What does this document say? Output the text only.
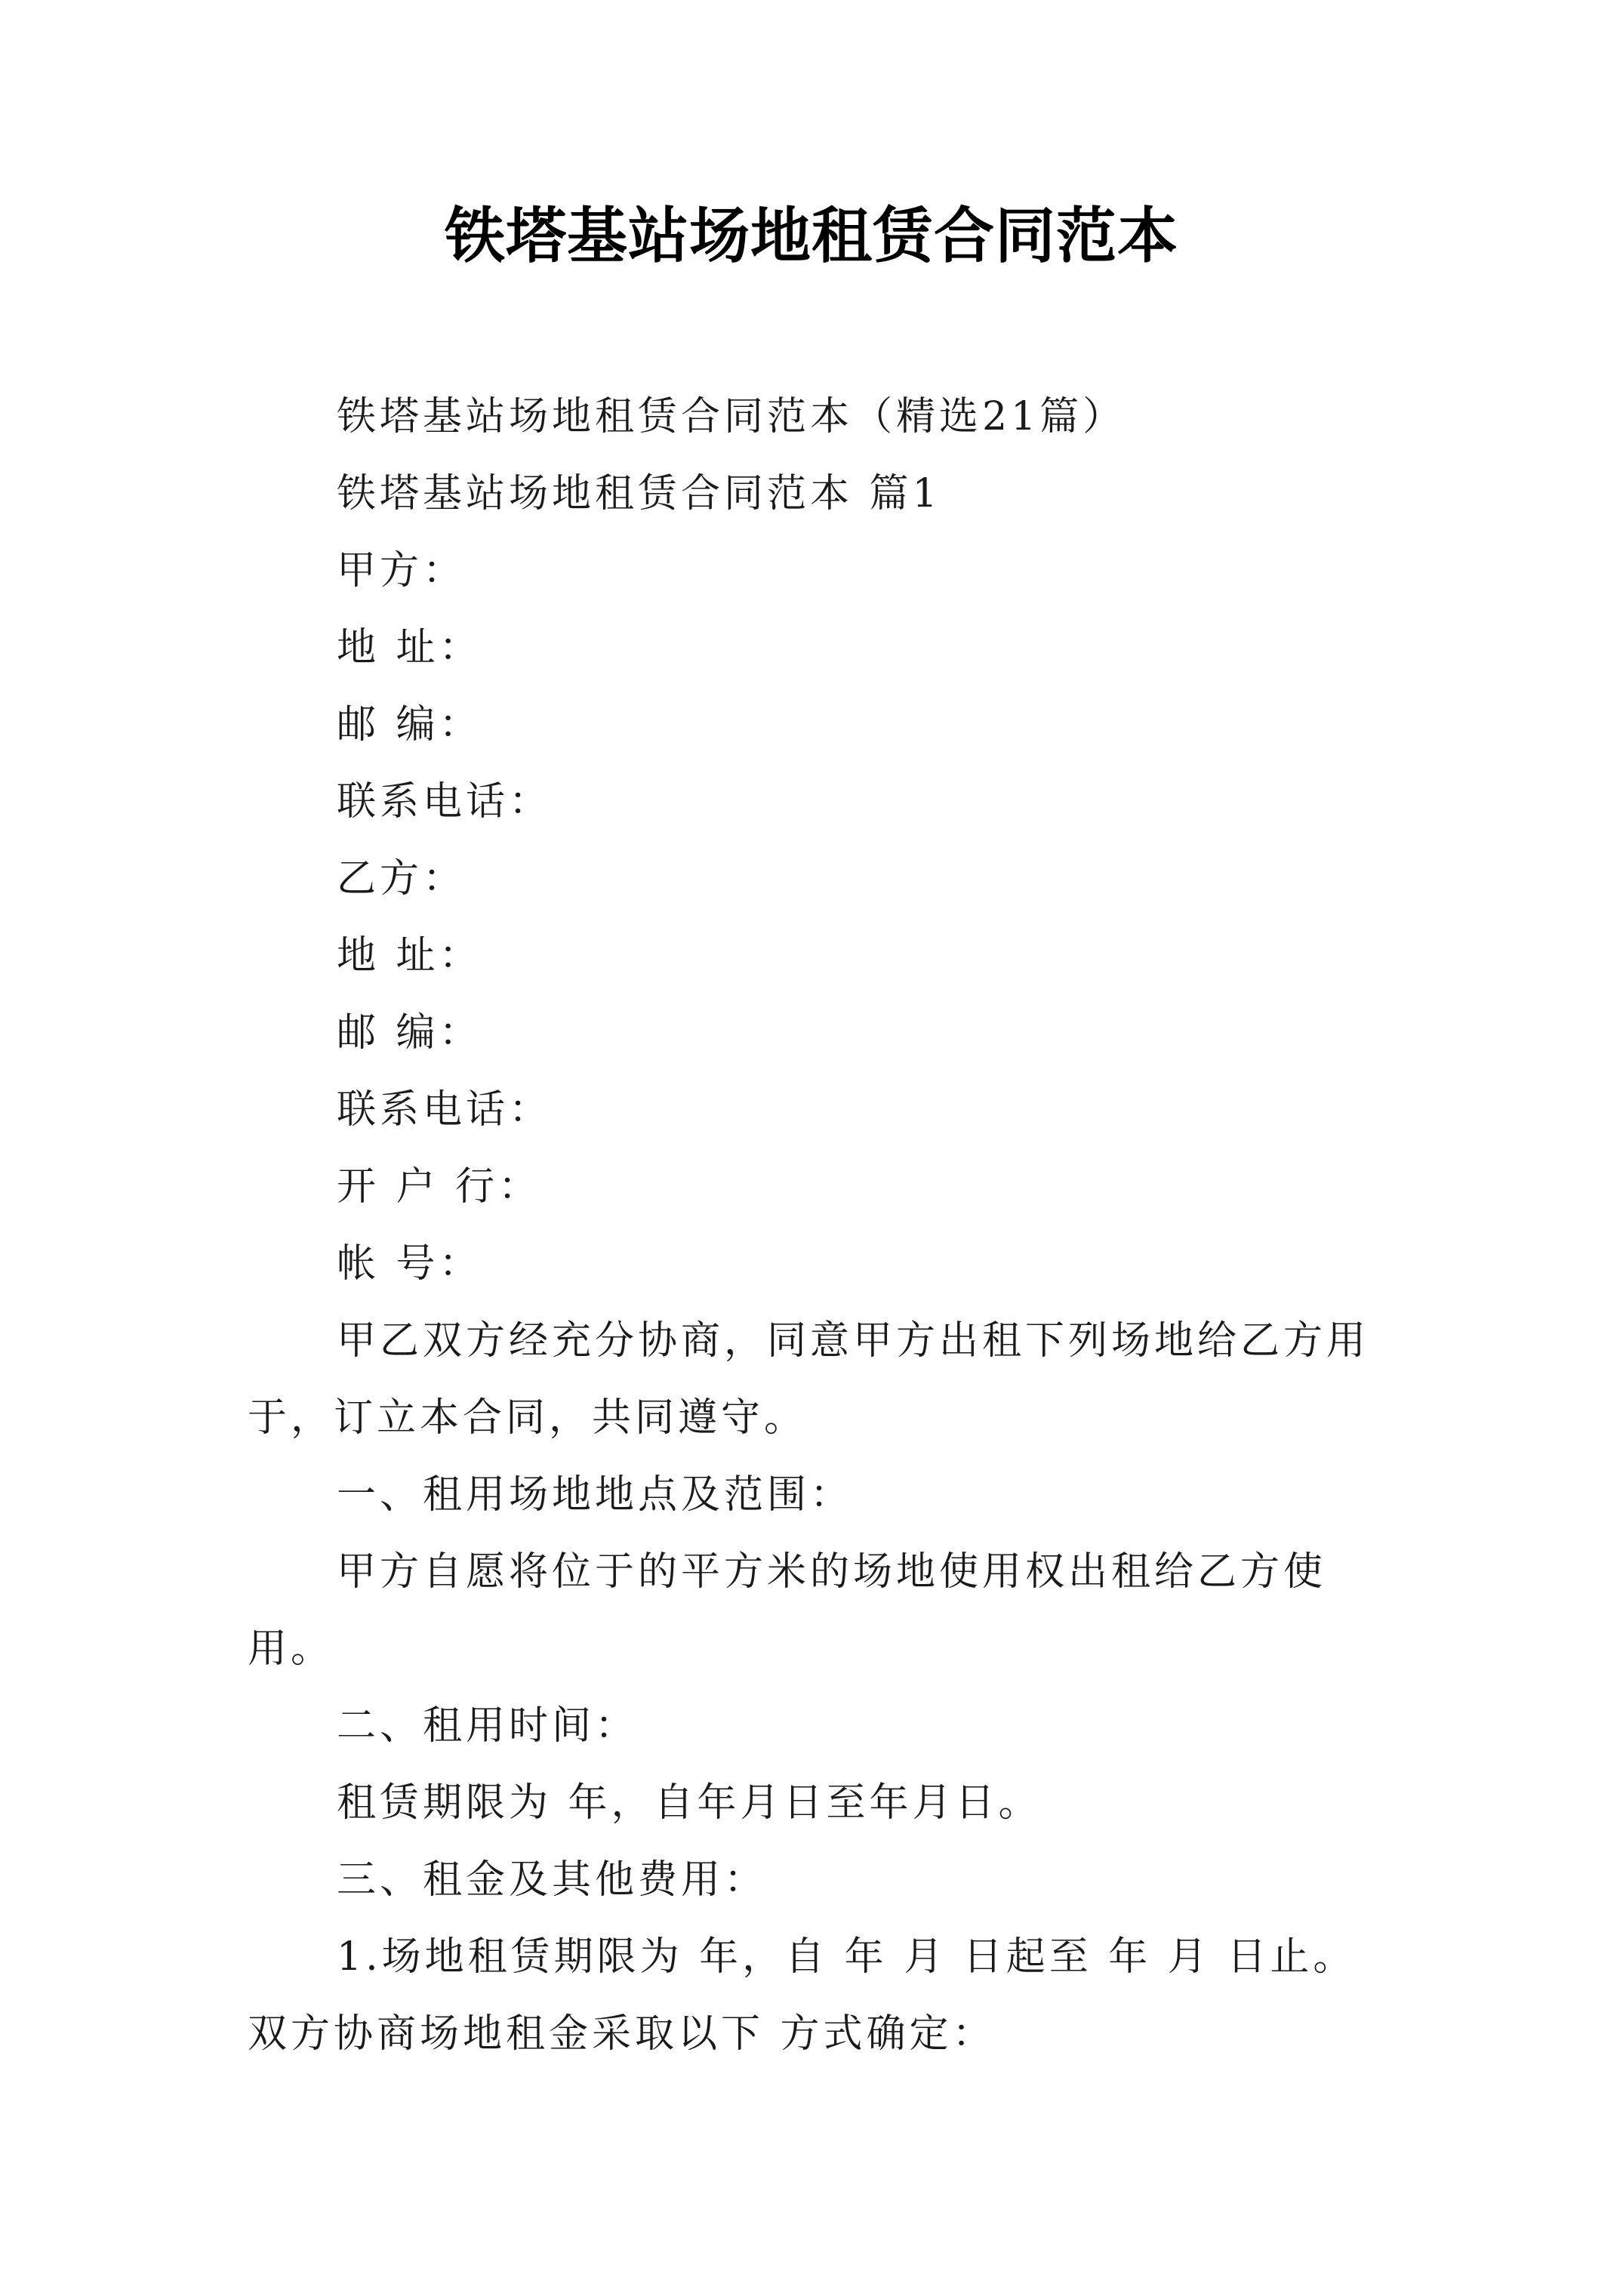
铁塔基站场地租赁合同范本
铁塔基站场地租赁合同范本（精选21篇）
铁塔基站场地租赁合同范本 篇1
甲方：
地 址：
邮 编：
联系电话：
乙方：
地 址：
邮 编：
联系电话：
开 户 行：
帐 号：
甲乙双方经充分协商，同意甲方出租下列场地给乙方用
于，订立本合同，共同遵守。
一、租用场地地点及范围：
甲方自愿将位于的平方米的场地使用权出租给乙方使
用。
二、租用时间：
租赁期限为 年，自年月日至年月日。
三、租金及其他费用：
1.场地租赁期限为 年，自 年 月 日起至 年 月 日止。
双方协商场地租金采取以下 方式确定：
